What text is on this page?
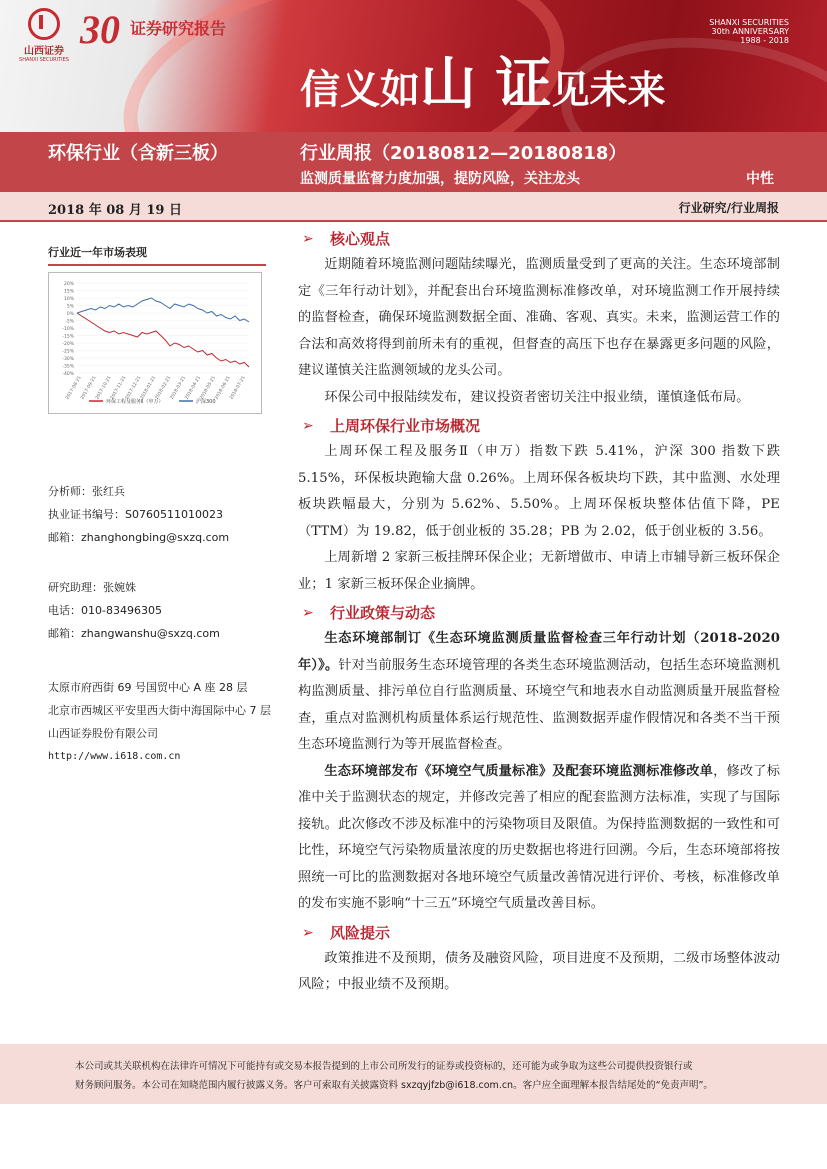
山西证券
SHANXI SECURITIES
30 证券研究报告	SHANXI SECURITIES
30th ANNIVERSARY
1988 - 2018
信义如山 证见未来
环保行业（含新三板）	行业周报（20180812—20180818）
监测质量监督力度加强，提防风险，关注龙头	中性
2018 年 08 月 19 日	行业研究/行业周报
行业近一年市场表现
20%
15%
10%
5%
0%
-5%
-10%
-15%
-20%
-25%
-30%
-35%
-40%
2017-08-21
2017-09-21
2017-10-21
2017-11-21
2017-12-21
2018-01-21
2018-02-21
2018-03-21
2018-04-21
2018-05-21
2018-06-21
2018-07-21
环保工程及服务Ⅱ（申万）	沪深300
分析师：张红兵
执业证书编号：S0760511010023
邮箱：zhanghongbing@sxzq.com
研究助理：张婉姝
电话：010-83496305
邮箱：zhangwanshu@sxzq.com
太原市府西街 69 号国贸中心 A 座 28 层
北京市西城区平安里西大街中海国际中心 7 层
山西证券股份有限公司
http://www.i618.com.cn
➢ 核心观点

近期随着环境监测问题陆续曝光，监测质量受到了更高的关注。生态环境部制定《三年行动计划》，并配套出台环境监测标准修改单，对环境监测工作开展持续的监督检查，确保环境监测数据全面、准确、客观、真实。未来，监测运营工作的合法和高效将得到前所未有的重视，但督查的高压下也存在暴露更多问题的风险，建议谨慎关注监测领域的龙头公司。

环保公司中报陆续发布，建议投资者密切关注中报业绩，谨慎逢低布局。

➢ 上周环保行业市场概况

上周环保工程及服务Ⅱ（申万）指数下跌 5.41%，沪深 300 指数下跌 5.15%，环保板块跑输大盘 0.26%。上周环保各板块均下跌，其中监测、水处理板块跌幅最大，分别为 5.62%、5.50%。上周环保板块整体估值下降，PE（TTM）为 19.82，低于创业板的 35.28；PB 为 2.02，低于创业板的 3.56。

上周新增 2 家新三板挂牌环保企业；无新增做市、申请上市辅导新三板环保企业；1 家新三板环保企业摘牌。

➢ 行业政策与动态

生态环境部制订《生态环境监测质量监督检查三年行动计划（2018-2020年）》。针对当前服务生态环境管理的各类生态环境监测活动，包括生态环境监测机构监测质量、排污单位自行监测质量、环境空气和地表水自动监测质量开展监督检查，重点对监测机构质量体系运行规范性、监测数据弄虚作假情况和各类不当干预生态环境监测行为等开展监督检查。

生态环境部发布《环境空气质量标准》及配套环境监测标准修改单，修改了标准中关于监测状态的规定，并修改完善了相应的配套监测方法标准，实现了与国际接轨。此次修改不涉及标准中的污染物项目及限值。为保持监测数据的一致性和可比性，环境空气污染物质量浓度的历史数据也将进行回溯。今后，生态环境部将按照统一可比的监测数据对各地环境空气质量改善情况进行评价、考核，标准修改单的发布实施不影响“十三五”环境空气质量改善目标。

➢ 风险提示

政策推进不及预期，债务及融资风险，项目进度不及预期，二级市场整体波动风险；中报业绩不及预期。

本公司或其关联机构在法律许可情况下可能持有或交易本报告提到的上市公司所发行的证券或投资标的，还可能为或争取为这些公司提供投资银行或

财务顾问服务。本公司在知晓范围内履行披露义务。客户可索取有关披露资料 sxzqyjfzb@i618.com.cn。客户应全面理解本报告结尾处的“免责声明”。
